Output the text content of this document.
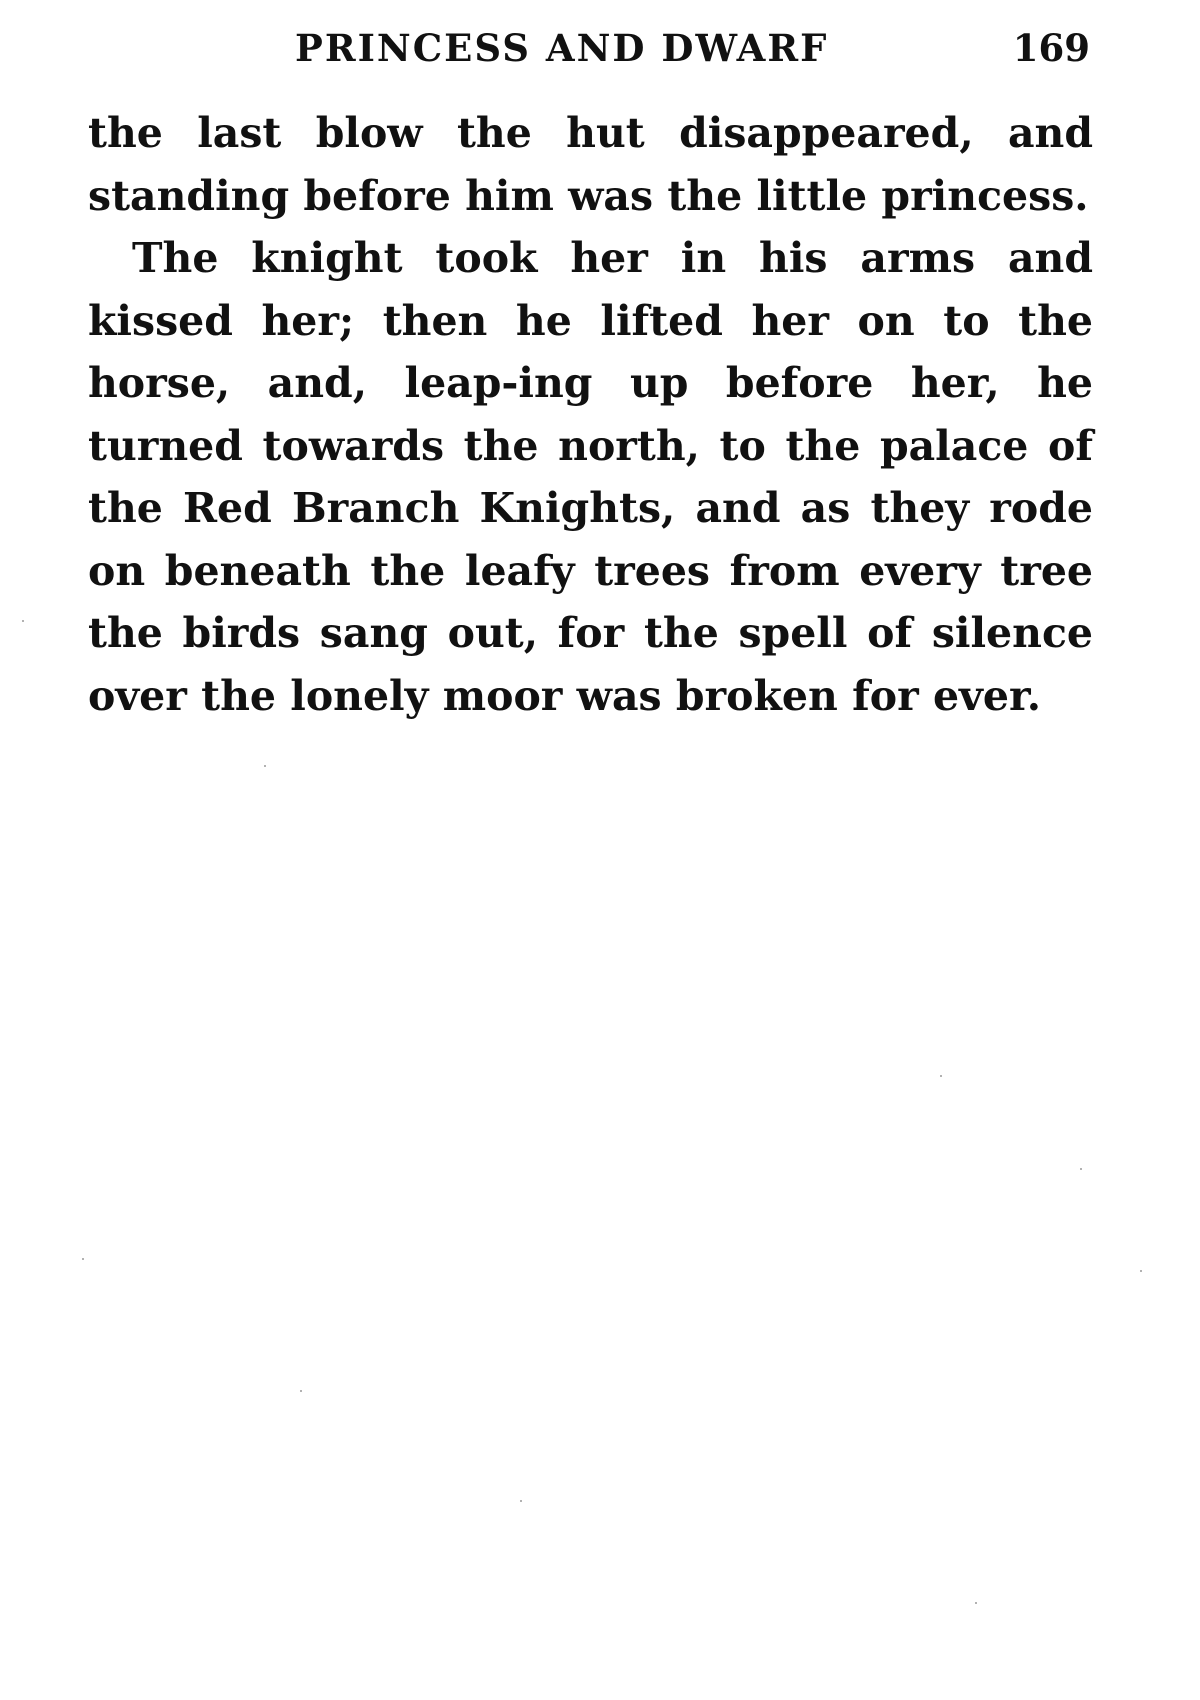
PRINCESS AND DWARF	169

the last blow the hut disappeared, and standing before him was the little princess.

The knight took her in his arms and kissed her; then he lifted her on to the horse, and, leap-ing up before her, he turned towards the north, to the palace of the Red Branch Knights, and as they rode on beneath the leafy trees from every tree the birds sang out, for the spell of silence over the lonely moor was broken for ever.
